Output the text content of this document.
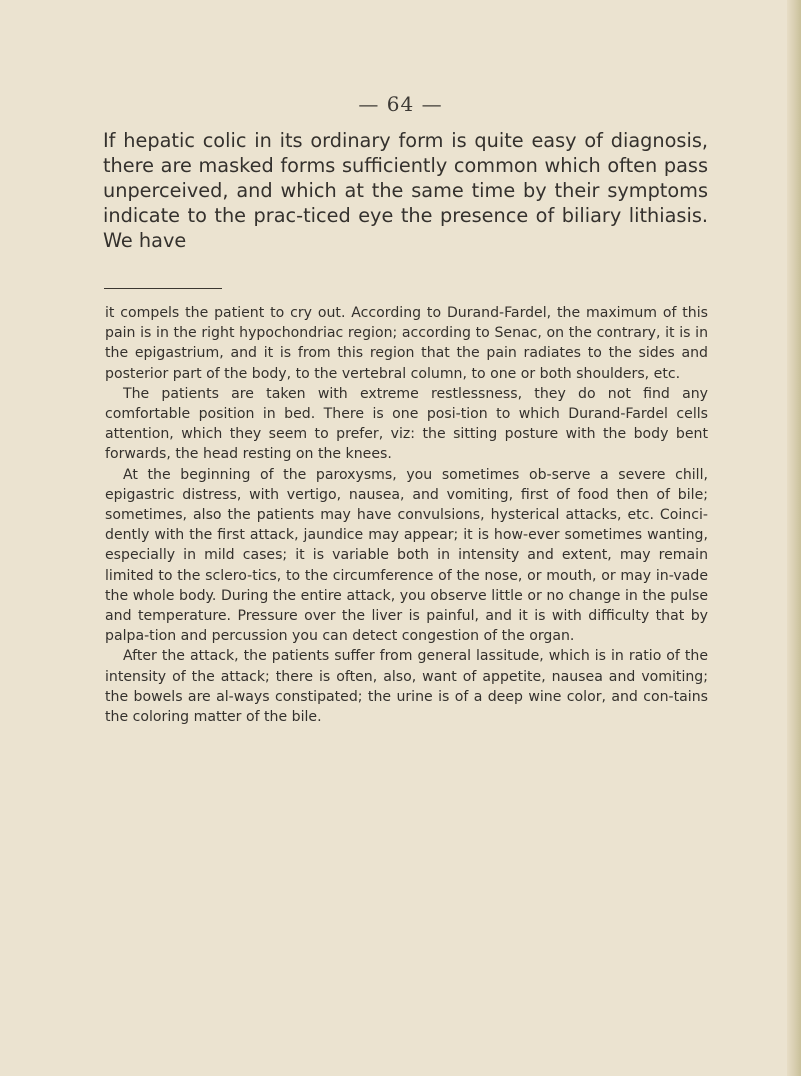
— 64 —

If hepatic colic in its ordinary form is quite easy of diagnosis, there are masked forms sufficiently common which often pass unperceived, and which at the same time by their symptoms indicate to the prac-ticed eye the presence of biliary lithiasis. We have

it compels the patient to cry out. According to Durand-Fardel, the maximum of this pain is in the right hypochondriac region; according to Senac, on the contrary, it is in the epigastrium, and it is from this region that the pain radiates to the sides and posterior part of the body, to the vertebral column, to one or both shoulders, etc.

The patients are taken with extreme restlessness, they do not find any comfortable position in bed. There is one posi-tion to which Durand-Fardel cells attention, which they seem to prefer, viz: the sitting posture with the body bent forwards, the head resting on the knees.

At the beginning of the paroxysms, you sometimes ob-serve a severe chill, epigastric distress, with vertigo, nausea, and vomiting, first of food then of bile; sometimes, also the patients may have convulsions, hysterical attacks, etc. Coinci-dently with the first attack, jaundice may appear; it is how-ever sometimes wanting, especially in mild cases; it is variable both in intensity and extent, may remain limited to the sclero-tics, to the circumference of the nose, or mouth, or may in-vade the whole body. During the entire attack, you observe little or no change in the pulse and temperature. Pressure over the liver is painful, and it is with difficulty that by palpa-tion and percussion you can detect congestion of the organ.

After the attack, the patients suffer from general lassitude, which is in ratio of the intensity of the attack; there is often, also, want of appetite, nausea and vomiting; the bowels are al-ways constipated; the urine is of a deep wine color, and con-tains the coloring matter of the bile.
